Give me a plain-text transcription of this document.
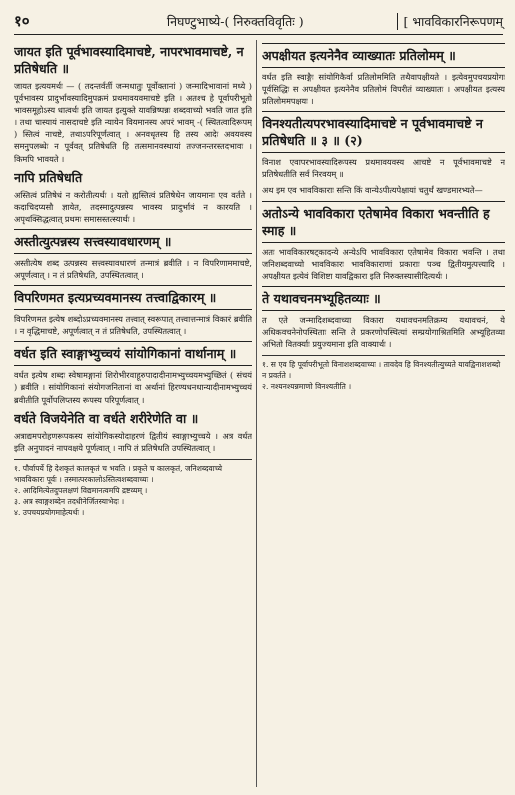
१०	निघण्टुभाष्ये-( निरुक्तविवृतिः )	[ भावविकारनिरूपणम्
जायत इति पूर्वभावस्यादिमाचष्टे, नापरभावमाचष्टे, न प्रतिषेधति ॥
जायत इत्ययमर्थः — ( तदन्तर्वर्ती जन्मधातुः पूर्वोक्तानां ) जन्मादिभावानां मध्ये ) पूर्वभावस्य प्रादुर्भावस्यादिमुपक्रमं प्रथमावयवमाचष्टे इति । अतश्च हे पूर्वापरीभूतो भावसमूहोऽस्य धात्वर्थः इति जायत इत्युक्ते यावन्निष्पन्नः शब्दवाच्यो भवति जात इति । तथा चास्यायं नासदाचष्टे इति न्यायेन वियमानस्य अपरं भावम् -( स्थितत्वादिरूपम् ) स्तित्वं नाचष्टे, तथाऽपरिपूर्णत्वात् । अनवधृतस्य हि तस्य आदेः अवयवस्य समनुपलब्धेः न पूर्ववत् प्रतिषेधति हि तत्समानवस्थायां तज्जनन्तरस्तदभावः । किमपि भावयते ।
नापि प्रतिषेधति
अस्तित्वं प्रतिषेधं न करोतीत्यर्थः । यतो ह्यस्तित्वं प्रतिषेधेन जायमानः एव वर्तते । कदाचिदप्यसौ ज्ञायेत, तदस्मादुत्पन्नस्य भावस्य प्रादुर्भावं न कारयति । अपृथक्सिद्धत्वात् प्रथमः समासस्तत्स्यार्थः ।
अस्तीत्युत्पन्नस्य सत्त्वस्यावधारणम् ॥
अस्तीत्येष शब्द उत्पन्नस्य सत्त्वस्यावधारणं तन्मात्रं ब्रवीति । न विपरिणाममाचष्टे, अपूर्णत्वात् । न तं प्रतिषेधति, उपस्थितत्वात् ।
विपरिणमत इत्यप्रच्यवमानस्य तत्त्वाद्विकारम् ॥
विपरिणमत इत्येष शब्दोऽप्रच्यवमानस्य तत्त्वात् स्वरूपात् तत्त्वात्तन्मात्रं विकारं ब्रवीति । न वृद्धिमाचष्टे, अपूर्णत्वात् न तं प्रतिषेधति, उपस्थितत्वात् ।
वर्धत इति स्वाङ्गाभ्युच्चयं सांयोगिकानां वार्थानाम् ॥
वर्धत इत्येष शब्दः स्वेषामङ्गानां शिरोभीरवाहूरुपादादीनामभ्युच्चयमभ्युच्छितं ( संचयं ) ब्रवीति । सांयोगिकानां संयोगजनितानां वा अर्थानां हिरण्यधनधान्यादीनामभ्युच्चयं ब्रवीतीति पूर्वोपलिप्तस्य रूपस्य परिपूर्णत्वात् ।
वर्धते विजयेनेति वा वर्धते शरीरेणेति वा ॥
अत्राद्यमपरोहणरूपकस्य सांयोगिकस्योदाहरणं द्वितीयं स्वाङ्गाभ्युच्चये । अत्र वर्धत इति अनुपादनं नापवक्षये पूर्णत्वात् । नापि तं प्रतिषेधति उपस्थितत्वात् ।

१. पौर्वापर्ये हि देशकृतं कालकृतं च भवति । प्रकृते च कालकृतं, जनिशब्दवाच्ये भावविकारः पूर्वः । तस्मात्परकालोऽस्तित्वशब्दवाच्यः ।

२. आदिमित्येतदुपलक्षणं विद्यमानत्वमपि द्रष्टव्यम् ।

३. अत्र स्वाङ्गशब्देन तदधीनेर्जितस्याभेदः ।

४. उपचयप्रयोगमाहेत्यर्थः ।

अपक्षीयत इत्यनेनैव व्याख्यातः प्रतिलोमम् ॥
वर्धत इति स्वाङ्गैः सांयोगिकैर्वा प्रतिलोममिति तथैवापक्षीयते । इत्येवमुपचयप्रयोगः पूर्वसिद्धिः स अपक्षीयत इत्यनेनैव प्रतिलोमं विपरीतं व्याख्यातः । अपक्षीयत इत्यस्य प्रतिलोममपक्षयः ।
विनश्यतीत्यपरभावस्यादिमाचष्टे न पूर्वभावमाचष्टे न प्रतिषेधति ॥ ३ ॥ (२)
विनाश एवापरभावस्यादिरूपस्य प्रथमावयवस्य आचष्टे न पूर्वभावमाचष्टे न प्रतिषेधतीति सर्व निरवयम् ॥
अथ इम एव भावविकाराः सन्ति किं वान्येऽपीत्यपेक्षायां चतुर्थं खण्डमारभ्यते—
अतोऽन्ये भावविकारा एतेषामेव विकारा भवन्तीति ह स्माह ॥
अतः भावविकारषट्कादन्ये अन्येऽपि भावविकारा एतेषामेव विकारा भवन्ति । तथा जनिशब्दवाच्यो भावविकारः भावविकाराणां प्रकाराः पञ्च द्वितीयमुत्पत्त्यादि । अपक्षीयत इत्येवं विशिष्टा यावद्विकारा इति निरुक्तस्यासीदित्यर्थः ।
ते यथावचनमभ्यूहितव्याः ॥
त एते जन्मादिशब्दवाच्या विकारा यथावचनमतिक्रम्य यथावचनं, ये अधिकवचनेनोपस्थिताः सन्ति ते प्रकरणोपस्थित्यां सम्प्रयोगाश्रितमिति अभ्यूहितव्या अभितो वितर्क्याः प्रयुज्यमाना इति वाक्यार्थः ।

१. स एव हि पूर्वापरीभूतो विनाशशब्दवाच्यः । तावदेव हि विनश्यतीत्युच्यते यावद्विनाशशब्दो न प्रवर्तते ।

२. नश्यनश्यन्नमाणो विनश्यतीति ।
